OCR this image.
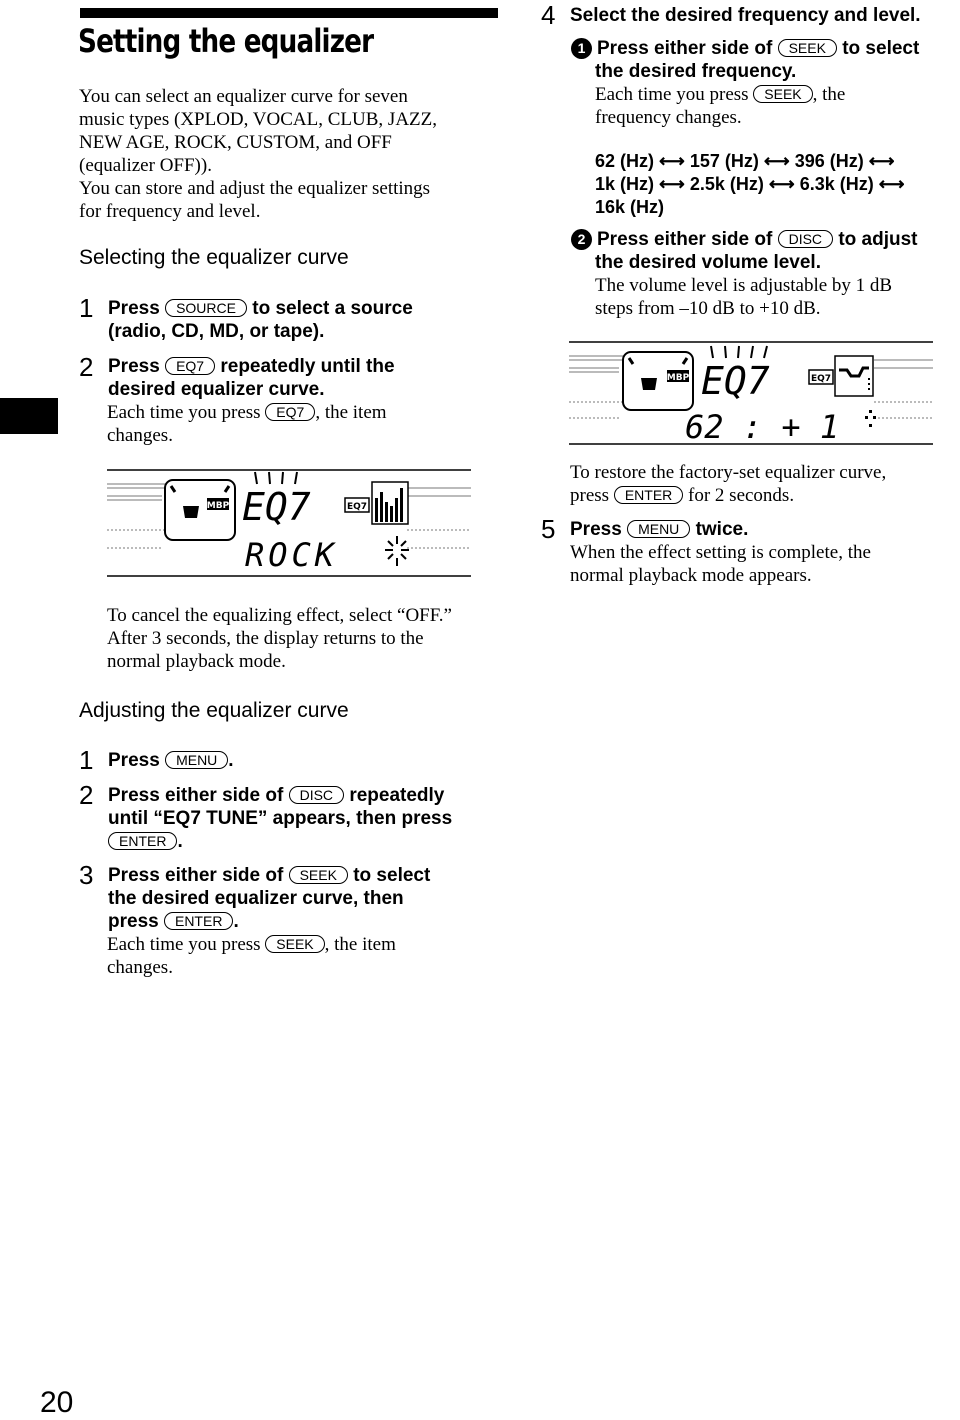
Setting the equalizer

You can select an equalizer curve for seven

music types (XPLOD, VOCAL, CLUB, JAZZ,

NEW AGE, ROCK, CUSTOM, and OFF

(equalizer OFF)).

You can store and adjust the equalizer settings

for frequency and level.

Selecting the equalizer curve
1 Press SOURCE to select a source

(radio, CD, MD, or tape).

2 Press EQ7 repeatedly until the

desired equalizer curve.

Each time you press EQ7 , the item

changes.

MBP EQ7
ROCK
EQ7

To cancel the equalizing effect, select “OFF.”

After 3 seconds, the display returns to the

normal playback mode.

Adjusting the equalizer curve
1 Press MENU .

2 Press either side of DISC repeatedly

until “EQ7 TUNE” appears, then press

ENTER .

3 Press either side of SEEK to select

the desired equalizer curve, then

press ENTER .

Each time you press SEEK , the item

changes.

4 Select the desired frequency and level.

1 Press either side of SEEK to select

the desired frequency.

Each time you press SEEK , the

frequency changes.

62 (Hz) ⟷ 157 (Hz) ⟷ 396 (Hz) ⟷

1k (Hz) ⟷ 2.5k (Hz) ⟷ 6.3k (Hz) ⟷

16k (Hz)

2 Press either side of DISC to adjust

the desired volume level.

The volume level is adjustable by 1 dB

steps from –10 dB to +10 dB.

MBP EQ7
62 : + 1
EQ7

To restore the factory-set equalizer curve,

press ENTER for 2 seconds.

5 Press MENU twice.

When the effect setting is complete, the

normal playback mode appears.

20
